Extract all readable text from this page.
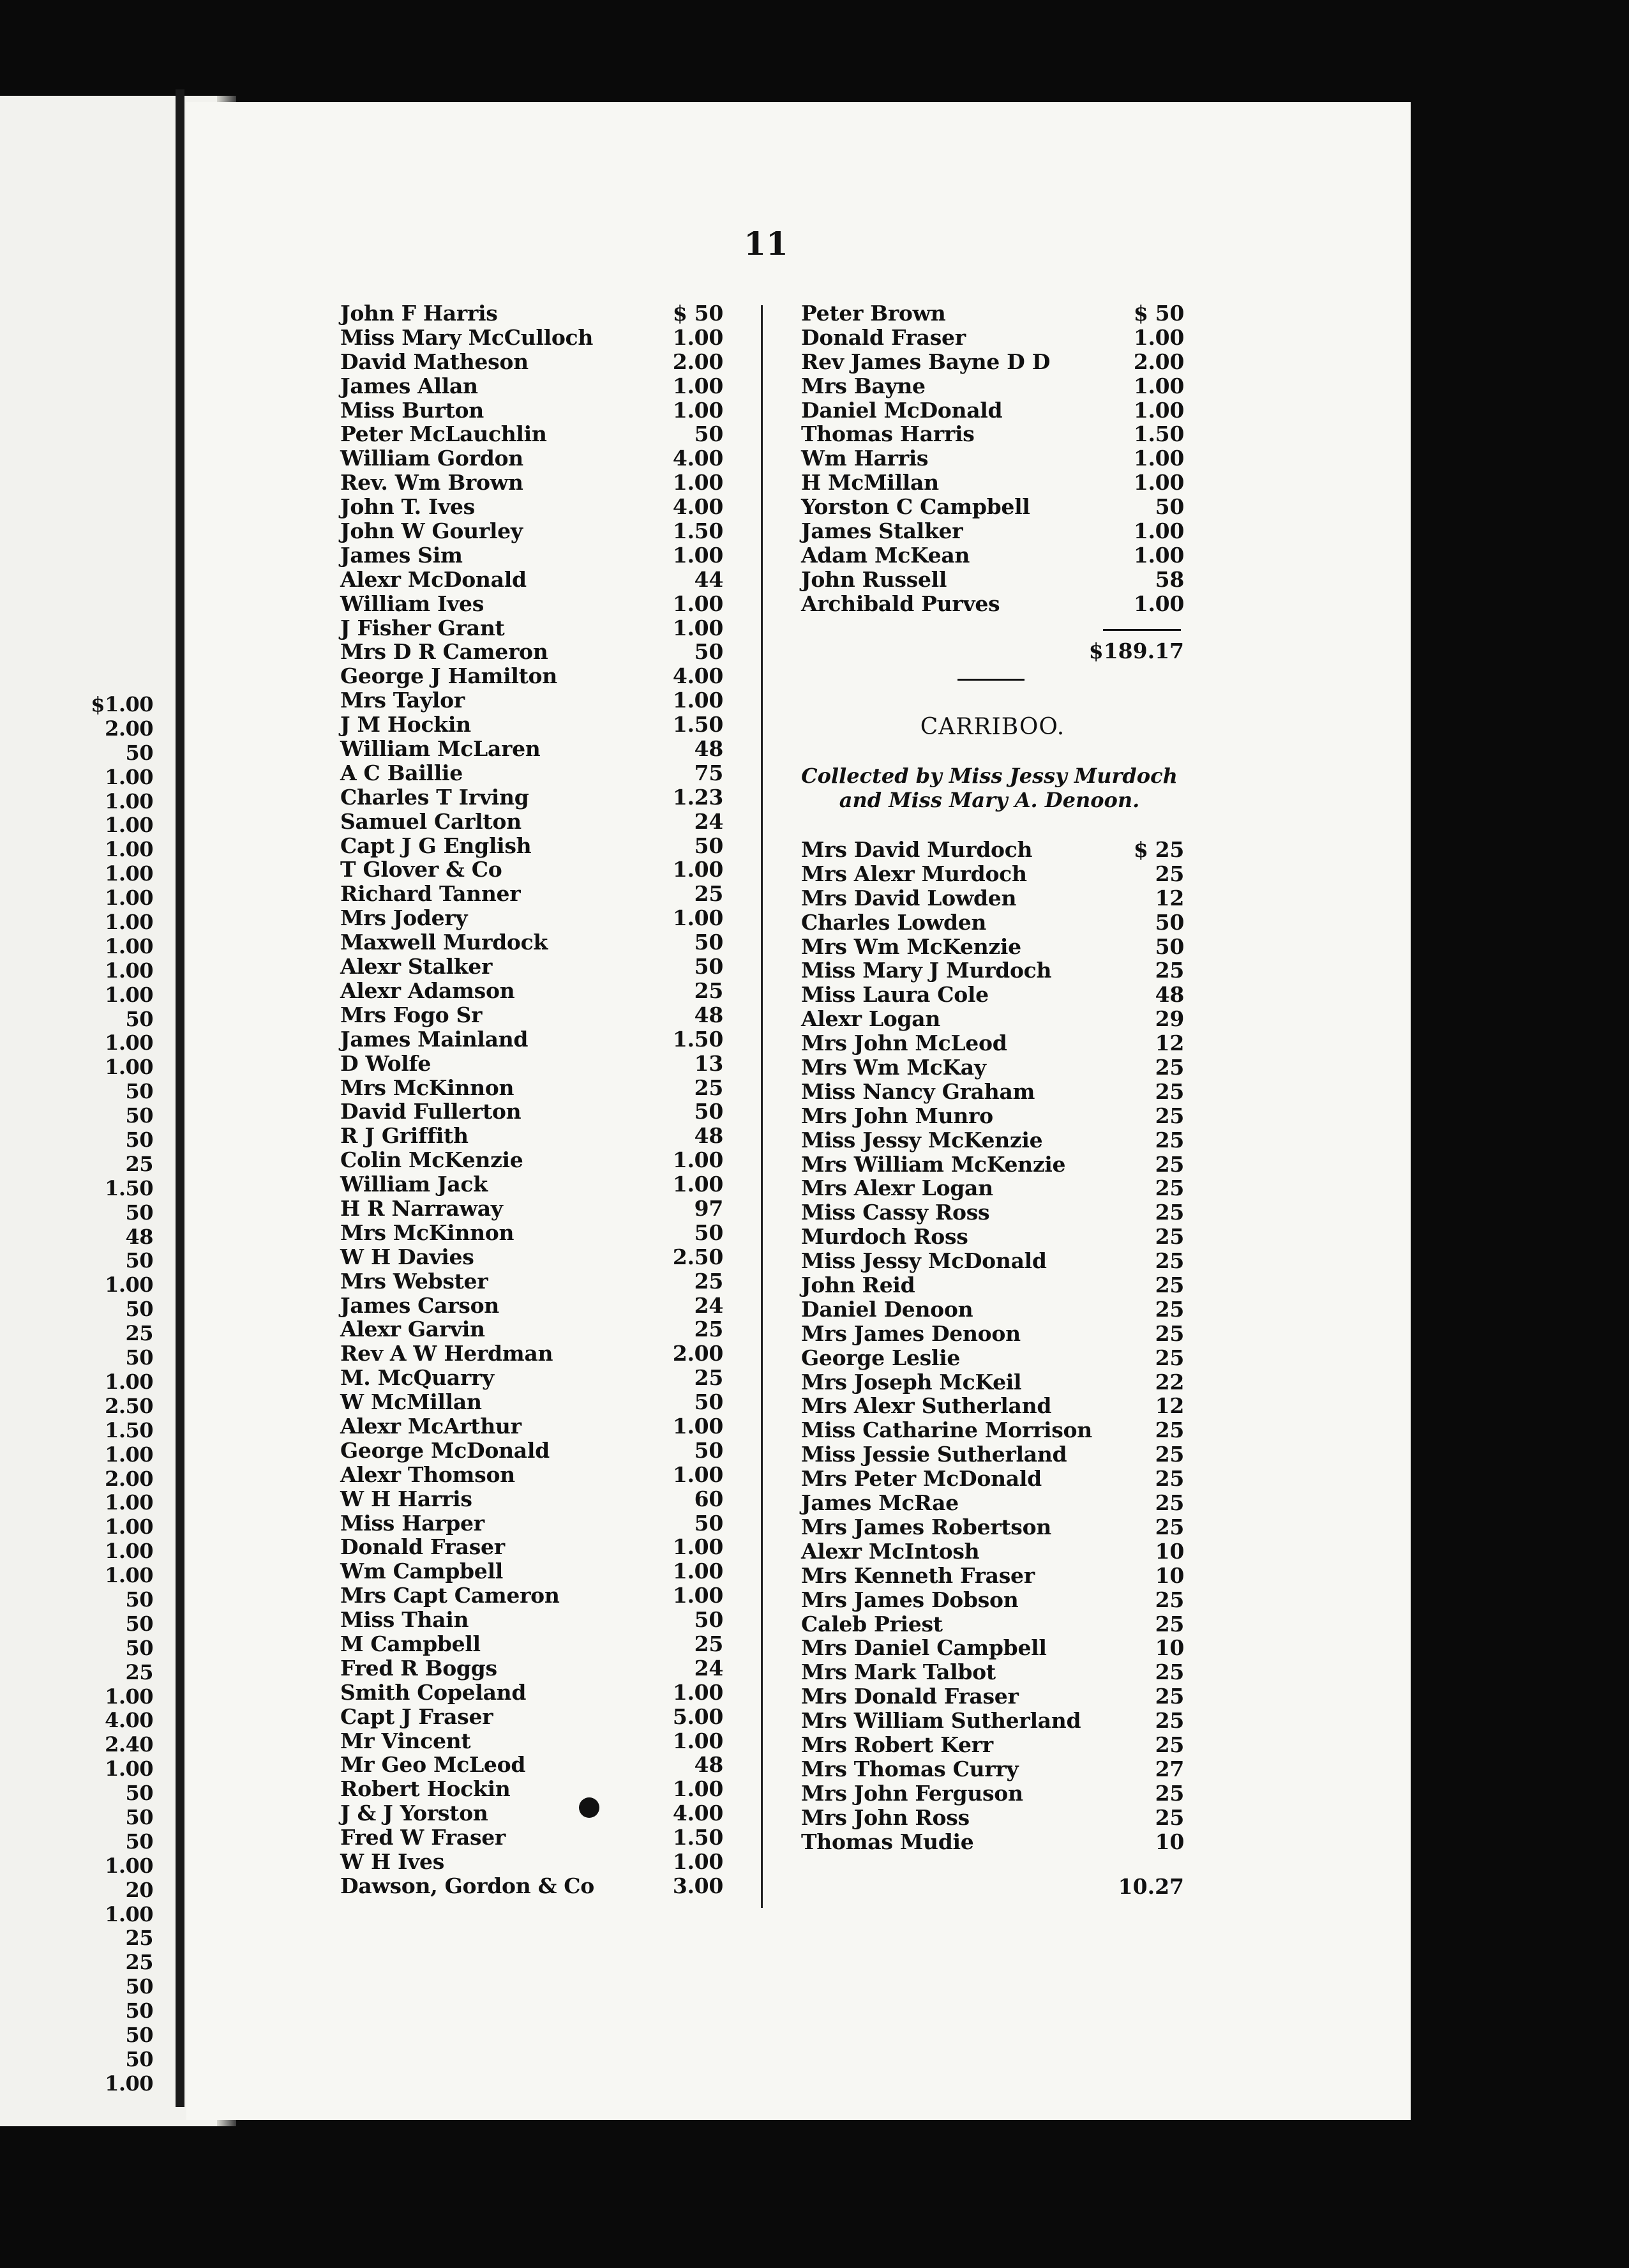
$1.00
2.00
50
1.00
1.00
1.00
1.00
1.00
1.00
1.00
1.00
1.00
1.00
50
1.00
1.00
50
50
50
25
1.50
50
48
50
1.00
50
25
50
1.00
2.50
1.50
1.00
2.00
1.00
1.00
1.00
1.00
50
50
50
25
1.00
4.00
2.40
1.00
50
50
50
1.00
20
1.00
25
25
50
50
50
50
1.00
11
John F Harris	$ 50
Miss Mary McCulloch	1.00
David Matheson	2.00
James Allan	1.00
Miss Burton	1.00
Peter McLauchlin	50
William Gordon	4.00
Rev. Wm Brown	1.00
John T. Ives	4.00
John W Gourley	1.50
James Sim	1.00
Alexr McDonald	44
William Ives	1.00
J Fisher Grant	1.00
Mrs D R Cameron	50
George J Hamilton	4.00
Mrs Taylor	1.00
J M Hockin	1.50
William McLaren	48
A C Baillie	75
Charles T Irving	1.23
Samuel Carlton	24
Capt J G English	50
T Glover & Co	1.00
Richard Tanner	25
Mrs Jodery	1.00
Maxwell Murdock	50
Alexr Stalker	50
Alexr Adamson	25
Mrs Fogo Sr	48
James Mainland	1.50
D Wolfe	13
Mrs McKinnon	25
David Fullerton	50
R J Griffith	48
Colin McKenzie	1.00
William Jack	1.00
H R Narraway	97
Mrs McKinnon	50
W H Davies	2.50
Mrs Webster	25
James Carson	24
Alexr Garvin	25
Rev A W Herdman	2.00
M. McQuarry	25
W McMillan	50
Alexr McArthur	1.00
George McDonald	50
Alexr Thomson	1.00
W H Harris	60
Miss Harper	50
Donald Fraser	1.00
Wm Campbell	1.00
Mrs Capt Cameron	1.00
Miss Thain	50
M Campbell	25
Fred R Boggs	24
Smith Copeland	1.00
Capt J Fraser	5.00
Mr Vincent	1.00
Mr Geo McLeod	48
Robert Hockin	1.00
J & J Yorston	4.00
Fred W Fraser	1.50
W H Ives	1.00
Dawson, Gordon & Co	3.00
Peter Brown	$ 50
Donald Fraser	1.00
Rev James Bayne D D	2.00
Mrs Bayne	1.00
Daniel McDonald	1.00
Thomas Harris	1.50
Wm Harris	1.00
H McMillan	1.00
Yorston C Campbell	50
James Stalker	1.00
Adam McKean	1.00
John Russell	58
Archibald Purves	1.00
$189.17
CARRIBOO.
Collected by Miss Jessy Murdoch
and Miss Mary A. Denoon.
Mrs David Murdoch	$ 25
Mrs Alexr Murdoch	25
Mrs David Lowden	12
Charles Lowden	50
Mrs Wm McKenzie	50
Miss Mary J Murdoch	25
Miss Laura Cole	48
Alexr Logan	29
Mrs John McLeod	12
Mrs Wm McKay	25
Miss Nancy Graham	25
Mrs John Munro	25
Miss Jessy McKenzie	25
Mrs William McKenzie	25
Mrs Alexr Logan	25
Miss Cassy Ross	25
Murdoch Ross	25
Miss Jessy McDonald	25
John Reid	25
Daniel Denoon	25
Mrs James Denoon	25
George Leslie	25
Mrs Joseph McKeil	22
Mrs Alexr Sutherland	12
Miss Catharine Morrison	25
Miss Jessie Sutherland	25
Mrs Peter McDonald	25
James McRae	25
Mrs James Robertson	25
Alexr McIntosh	10
Mrs Kenneth Fraser	10
Mrs James Dobson	25
Caleb Priest	25
Mrs Daniel Campbell	10
Mrs Mark Talbot	25
Mrs Donald Fraser	25
Mrs William Sutherland	25
Mrs Robert Kerr	25
Mrs Thomas Curry	27
Mrs John Ferguson	25
Mrs John Ross	25
Thomas Mudie	10
10.27
